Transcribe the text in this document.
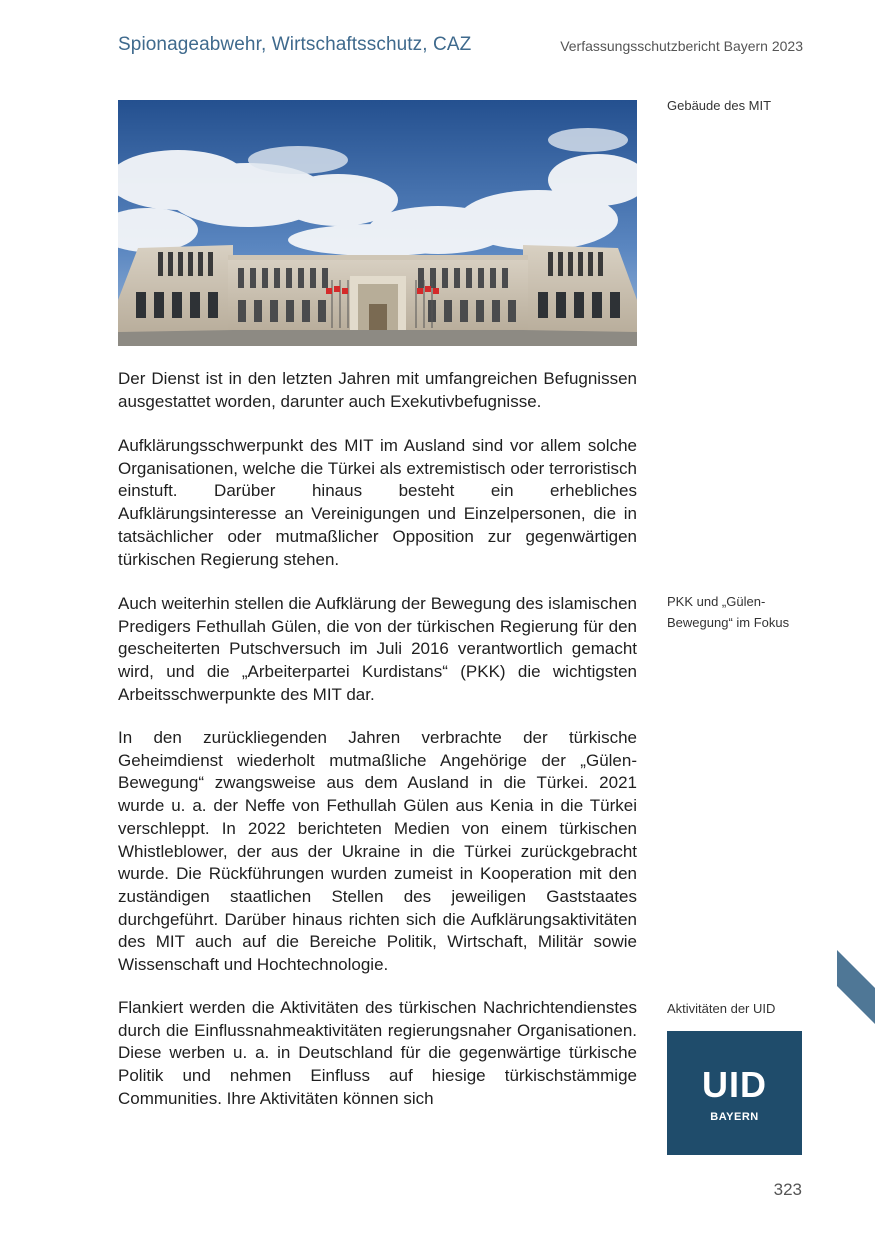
Spionageabwehr, Wirtschaftsschutz, CAZ	Verfassungsschutzbericht Bayern 2023
Gebäude des MIT

Der Dienst ist in den letzten Jahren mit umfangreichen Befugnissen ausgestattet worden, darunter auch Exekutivbefugnisse.

Aufklärungsschwerpunkt des MIT im Ausland sind vor allem solche Organisationen, welche die Türkei als extremistisch oder terroristisch einstuft. Darüber hinaus besteht ein erhebliches Aufklärungsinteresse an Vereinigungen und Einzelpersonen, die in tatsächlicher oder mutmaßlicher Opposition zur gegenwärtigen türkischen Regierung stehen.

Auch weiterhin stellen die Aufklärung der Bewegung des islamischen Predigers Fethullah Gülen, die von der türkischen Regierung für den gescheiterten Putschversuch im Juli 2016 verantwortlich gemacht wird, und die „Arbeiterpartei Kurdistans“ (PKK) die wichtigsten Arbeitsschwerpunkte des MIT dar.

PKK und „Gülen-Bewegung“ im Fokus

In den zurückliegenden Jahren verbrachte der türkische Geheimdienst wiederholt mutmaßliche Angehörige der „Gülen-Bewegung“ zwangsweise aus dem Ausland in die Türkei. 2021 wurde u. a. der Neffe von Fethullah Gülen aus Kenia in die Türkei verschleppt. In 2022 berichteten Medien von einem türkischen Whistleblower, der aus der Ukraine in die Türkei zurückgebracht wurde. Die Rückführungen wurden zumeist in Kooperation mit den zuständigen staatlichen Stellen des jeweiligen Gaststaates durchgeführt. Darüber hinaus richten sich die Aufklärungsaktivitäten des MIT auch auf die Bereiche Politik, Wirtschaft, Militär sowie Wissenschaft und Hochtechnologie.

Flankiert werden die Aktivitäten des türkischen Nachrichtendienstes durch die Einflussnahmeaktivitäten regierungsnaher Organisationen. Diese werben u. a. in Deutschland für die gegenwärtige türkische Politik und nehmen Einfluss auf hiesige türkischstämmige Communities. Ihre Aktivitäten können sich

Aktivitäten der UID
UID
BAYERN
323
